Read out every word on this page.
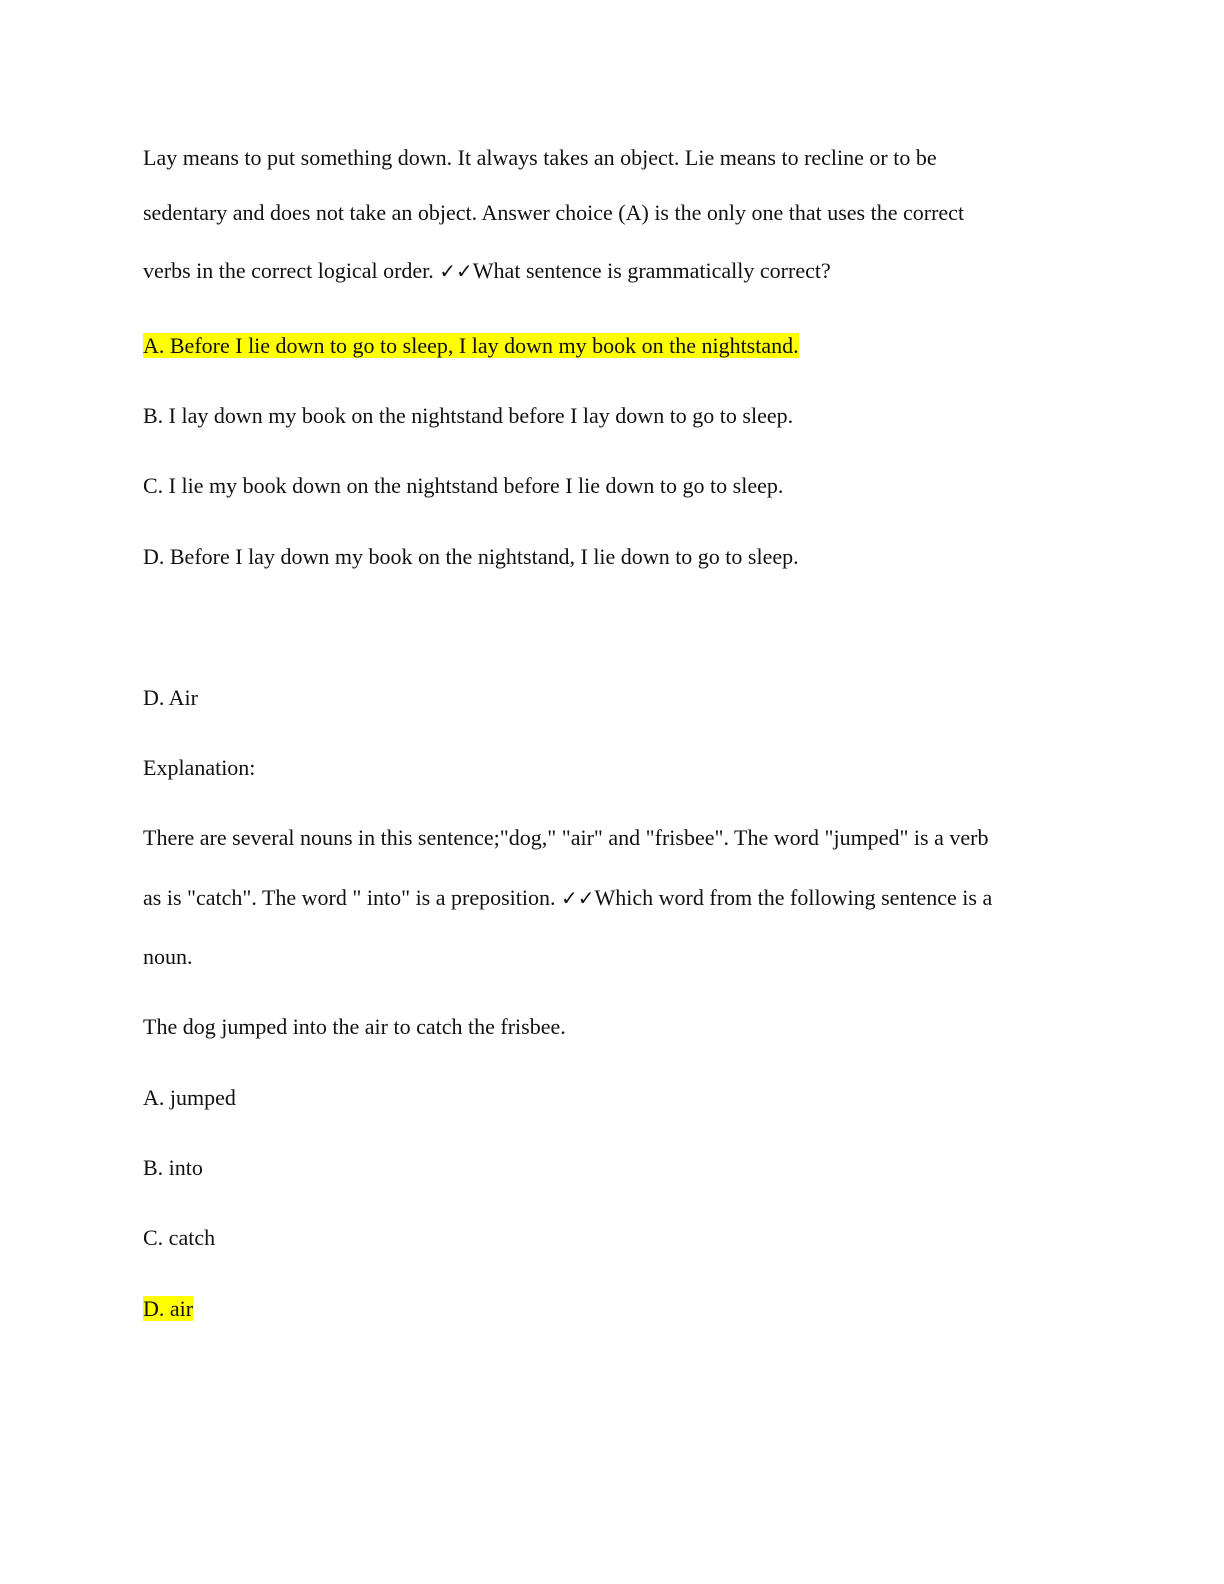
Lay means to put something down. It always takes an object. Lie means to recline or to be
sedentary and does not take an object. Answer choice (A) is the only one that uses the correct
verbs in the correct logical order. ✓✓What sentence is grammatically correct?
A. Before I lie down to go to sleep, I lay down my book on the nightstand.
B. I lay down my book on the nightstand before I lay down to go to sleep.
C. I lie my book down on the nightstand before I lie down to go to sleep.
D. Before I lay down my book on the nightstand, I lie down to go to sleep.
D. Air
Explanation:
There are several nouns in this sentence;"dog," "air" and "frisbee". The word "jumped" is a verb
as is "catch". The word " into" is a preposition. ✓✓Which word from the following sentence is a
noun.
The dog jumped into the air to catch the frisbee.
A. jumped
B. into
C. catch
D. air
